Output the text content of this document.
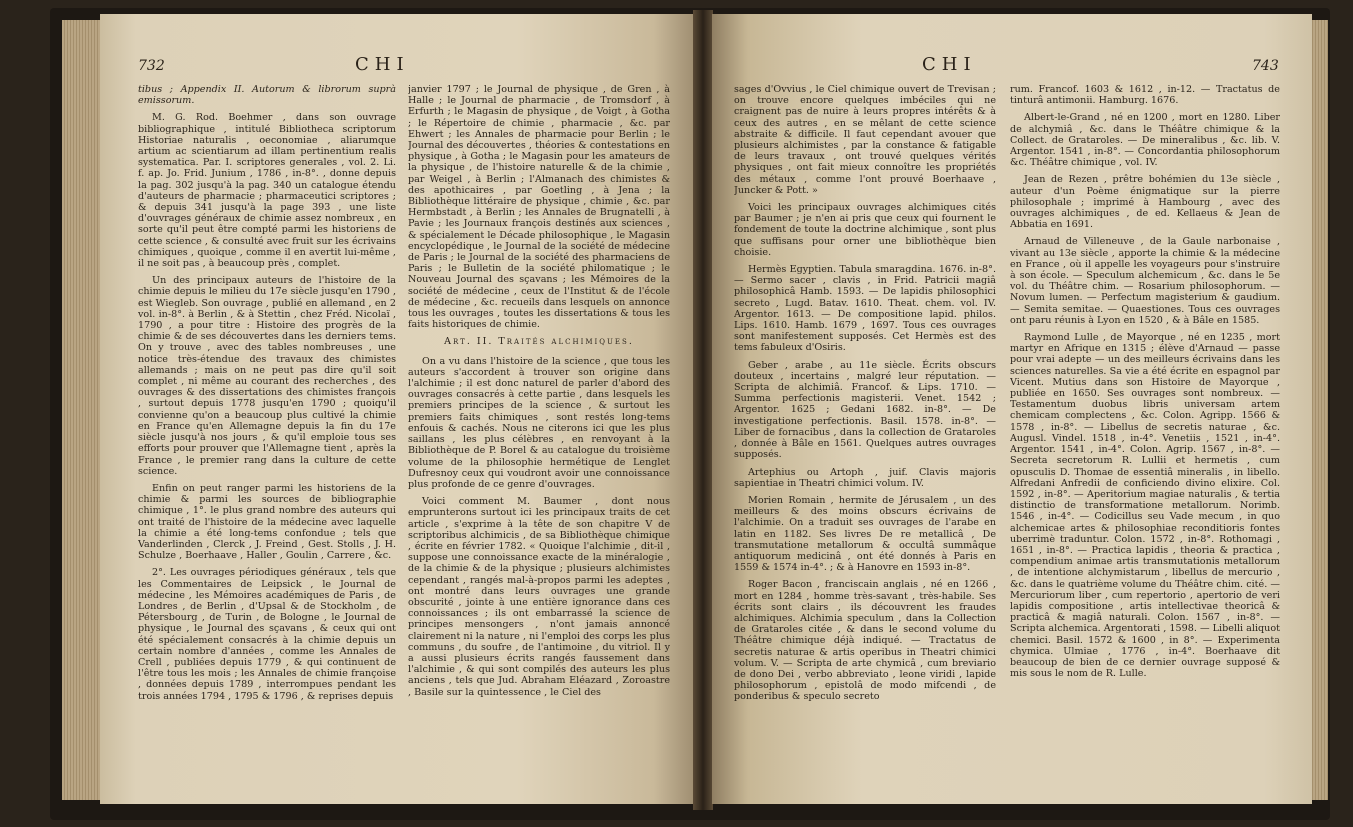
732	CHI

tibus ; Appendix II. Autorum & librorum suprà emissorum.

M. G. Rod. Boehmer , dans son ouvrage bibliographique , intitulé Bibliotheca scriptorum Historiae naturalis , oeconomiae , aliarumque artium ac scientiarum ad illam pertinentium realis systematica. Par. I. scriptores generales , vol. 2. Li. f. ap. Jo. Frid. Junium , 1786 , in-8°. , donne depuis la pag. 302 jusqu'à la pag. 340 un catalogue étendu d'auteurs de pharmacie ; pharmaceutici scriptores ; & depuis 341 jusqu'à la page 393 , une liste d'ouvrages généraux de chimie assez nombreux , en sorte qu'il peut être compté parmi les historiens de cette science , & consulté avec fruit sur les écrivains chimiques , quoique , comme il en avertit lui-même , il ne soit pas , à beaucoup près , complet.

Un des principaux auteurs de l'histoire de la chimie depuis le milieu du 17e siècle jusqu'en 1790 , est Wiegleb. Son ouvrage , publié en allemand , en 2 vol. in-8°. à Berlin , & à Stettin , chez Fréd. Nicolaï , 1790 , a pour titre : Histoire des progrès de la chimie & de ses découvertes dans les derniers tems. On y trouve , avec des tables nombreuses , une notice très-étendue des travaux des chimistes allemands ; mais on ne peut pas dire qu'il soit complet , ni même au courant des recherches , des ouvrages & des dissertations des chimistes françois , surtout depuis 1778 jusqu'en 1790 ; quoiqu'il convienne qu'on a beaucoup plus cultivé la chimie en France qu'en Allemagne depuis la fin du 17e siècle jusqu'à nos jours , & qu'il emploie tous ses efforts pour prouver que l'Allemagne tient , après la France , le premier rang dans la culture de cette science.

Enfin on peut ranger parmi les historiens de la chimie & parmi les sources de bibliographie chimique , 1°. le plus grand nombre des auteurs qui ont traité de l'histoire de la médecine avec laquelle la chimie a été long-tems confondue ; tels que Vanderlinden , Clerck , J. Freind , Gest. Stolls , J. H. Schulze , Boerhaave , Haller , Goulin , Carrere , &c.

2°. Les ouvrages périodiques généraux , tels que les Commentaires de Leipsick , le Journal de médecine , les Mémoires académiques de Paris , de Londres , de Berlin , d'Upsal & de Stockholm , de Pétersbourg , de Turin , de Bologne , le Journal de physique , le Journal des sçavans , & ceux qui ont été spécialement consacrés à la chimie depuis un certain nombre d'années , comme les Annales de Crell , publiées depuis 1779 , & qui continuent de l'être tous les mois ; les Annales de chimie françoise , données depuis 1789 , interrompues pendant les trois années 1794 , 1795 & 1796 , & reprises depuis

janvier 1797 ; le Journal de physique , de Gren , à Halle ; le Journal de pharmacie , de Tromsdorf , à Erfurth ; le Magasin de physique , de Voigt , à Gotha ; le Répertoire de chimie , pharmacie , &c. par Ehwert ; les Annales de pharmacie pour Berlin ; le Journal des découvertes , théories & contestations en physique , à Gotha ; le Magasin pour les amateurs de la physique , de l'histoire naturelle & de la chimie , par Weigel , à Berlin ; l'Almanach des chimistes & des apothicaires , par Goetling , à Jena ; la Bibliothèque littéraire de physique , chimie , &c. par Hermbstadt , à Berlin ; les Annales de Brugnatelli , à Pavie ; les Journaux françois destinés aux sciences , & spécialement le Décade philosophique , le Magasin encyclopédique , le Journal de la société de médecine de Paris ; le Journal de la société des pharmaciens de Paris ; le Bulletin de la société philomatique ; le Nouveau Journal des sçavans ; les Mémoires de la société de médecine , ceux de l'Institut & de l'école de médecine , &c. recueils dans lesquels on annonce tous les ouvrages , toutes les dissertations & tous les faits historiques de chimie.

Art. II. Traités alchimiques.

On a vu dans l'histoire de la science , que tous les auteurs s'accordent à trouver son origine dans l'alchimie ; il est donc naturel de parler d'abord des ouvrages consacrés à cette partie , dans lesquels les premiers principes de la science , & surtout les premiers faits chimiques , sont restés long-tems enfouis & cachés. Nous ne citerons ici que les plus saillans , les plus célèbres , en renvoyant à la Bibliothèque de P. Borel & au catalogue du troisième volume de la philosophie hermétique de Lenglet Dufresnoy ceux qui voudront avoir une connoissance plus profonde de ce genre d'ouvrages.

Voici comment M. Baumer , dont nous emprunterons surtout ici les principaux traits de cet article , s'exprime à la tête de son chapitre V de scriptoribus alchimicis , de sa Bibliothèque chimique , écrite en février 1782. « Quoique l'alchimie , dit-il , suppose une connoissance exacte de la minéralogie , de la chimie & de la physique ; plusieurs alchimistes cependant , rangés mal-à-propos parmi les adeptes , ont montré dans leurs ouvrages une grande obscurité , jointe à une entière ignorance dans ces connoissances ; ils ont embarrassé la science de principes mensongers , n'ont jamais annoncé clairement ni la nature , ni l'emploi des corps les plus communs , du soufre , de l'antimoine , du vitriol. Il y a aussi plusieurs écrits rangés faussement dans l'alchimie , & qui sont compilés des auteurs les plus anciens , tels que Jud. Abraham Eléazard , Zoroastre , Basile sur la quintessence , le Ciel des

CHI	743

sages d'Ovvius , le Ciel chimique ouvert de Trevisan ; on trouve encore quelques imbéciles qui ne craignent pas de nuire à leurs propres intérêts & à ceux des autres , en se mêlant de cette science abstraite & difficile. Il faut cependant avouer que plusieurs alchimistes , par la constance & fatigable de leurs travaux , ont trouvé quelques vérités physiques , ont fait mieux connoître les propriétés des métaux , comme l'ont prouvé Boerhaave , Juncker & Pott. »

Voici les principaux ouvrages alchimiques cités par Baumer ; je n'en ai pris que ceux qui fournent le fondement de toute la doctrine alchimique , sont plus que suffisans pour orner une bibliothèque bien choisie.

Hermès Egyptien. Tabula smaragdina. 1676. in-8°. — Sermo sacer , clavis , in Frid. Patricii magiâ philosophicâ Hamb. 1593. — De lapidis philosophici secreto , Lugd. Batav. 1610. Theat. chem. vol. IV. Argentor. 1613. — De compositione lapid. philos. Lips. 1610. Hamb. 1679 , 1697. Tous ces ouvrages sont manifestement supposés. Cet Hermès est des tems fabuleux d'Osiris.

Geber , arabe , au 11e siècle. Écrits obscurs douteux , incertains , malgré leur réputation. — Scripta de alchimiâ. Francof. & Lips. 1710. — Summa perfectionis magisterii. Venet. 1542 ; Argentor. 1625 ; Gedani 1682. in-8°. — De investigatione perfectionis. Basil. 1578. in-8°. — Liber de fornacibus , dans la collection de Grataroles , donnée à Bâle en 1561. Quelques autres ouvrages supposés.

Artephius ou Artoph , juif. Clavis majoris sapientiae in Theatri chimici volum. IV.

Morien Romain , hermite de Jérusalem , un des meilleurs & des moins obscurs écrivains de l'alchimie. On a traduit ses ouvrages de l'arabe en latin en 1182. Ses livres De re metallicâ , De transmutatione metallorum & occultâ summâque antiquorum medicinâ , ont été donnés à Paris en 1559 & 1574 in-4°. ; & à Hanovre en 1593 in-8°.

Roger Bacon , franciscain anglais , né en 1266 , mort en 1284 , homme très-savant , très-habile. Ses écrits sont clairs , ils découvrent les fraudes alchimiques. Alchimia speculum , dans la Collection de Grataroles citée , & dans le second volume du Théâtre chimique déjà indiqué. — Tractatus de secretis naturae & artis operibus in Theatri chimici volum. V. — Scripta de arte chymicâ , cum breviario de dono Dei , verbo abbreviato , leone viridi , lapide philosophorum , epistolâ de modo mifcendi , de ponderibus & speculo secreto

rum. Francof. 1603 & 1612 , in-12. — Tractatus de tinturâ antimonii. Hamburg. 1676.

Albert-le-Grand , né en 1200 , mort en 1280. Liber de alchymiâ , &c. dans le Théâtre chimique & la Collect. de Grataroles. — De mineralibus , &c. lib. V. Argentor. 1541 , in-8°. — Concordantia philosophorum &c. Théâtre chimique , vol. IV.

Jean de Rezen , prêtre bohémien du 13e siècle , auteur d'un Poème énigmatique sur la pierre philosophale ; imprimé à Hambourg , avec des ouvrages alchimiques , de ed. Kellaeus & Jean de Abbatia en 1691.

Arnaud de Villeneuve , de la Gaule narbonaise , vivant au 13e siècle , apporte la chimie & la médecine en France , où il appelle les voyageurs pour s'instruire à son école. — Speculum alchemicum , &c. dans le 5e vol. du Théâtre chim. — Rosarium philosophorum. — Novum lumen. — Perfectum magisterium & gaudium. — Semita semitae. — Quaestiones. Tous ces ouvrages ont paru réunis à Lyon en 1520 , & à Bâle en 1585.

Raymond Lulle , de Mayorque , né en 1235 , mort martyr en Afrique en 1315 ; élève d'Arnaud — passe pour vrai adepte — un des meilleurs écrivains dans les sciences naturelles. Sa vie a été écrite en espagnol par Vicent. Mutius dans son Histoire de Mayorque , publiée en 1650. Ses ouvrages sont nombreux. — Testamentum duobus libris universam artem chemicam complectens , &c. Colon. Agripp. 1566 & 1578 , in-8°. — Libellus de secretis naturae , &c. Augusl. Vindel. 1518 , in-4°. Venetiis , 1521 , in-4°. Argentor. 1541 , in-4°. Colon. Agrip. 1567 , in-8°. — Secreta secretorum R. Lullii et hermetis , cum opusculis D. Thomae de essentiâ mineralis , in libello. Alfredani Anfredii de conficiendo divino elixire. Col. 1592 , in-8°. — Aperitorium magiae naturalis , & tertia distinctio de transformatione metallorum. Norimb. 1546 , in-4°. — Codicillus seu Vade mecum , in quo alchemicae artes & philosophiae reconditioris fontes uberrimè traduntur. Colon. 1572 , in-8°. Rothomagi , 1651 , in-8°. — Practica lapidis , theoria & practica , compendium animae artis transmutationis metallorum , de intentione alchymistarum , libellus de mercurio , &c. dans le quatrième volume du Théâtre chim. cité. — Mercuriorum liber , cum repertorio , apertorio de veri lapidis compositione , artis intellectivae theoricâ & practicâ & magiâ naturali. Colon. 1567 , in-8°. — Scripta alchemica. Argentorati , 1598. — Libelli aliquot chemici. Basil. 1572 & 1600 , in 8°. — Experimenta chymica. Ulmiae , 1776 , in-4°. Boerhaave dit beaucoup de bien de ce dernier ouvrage supposé & mis sous le nom de R. Lulle.
